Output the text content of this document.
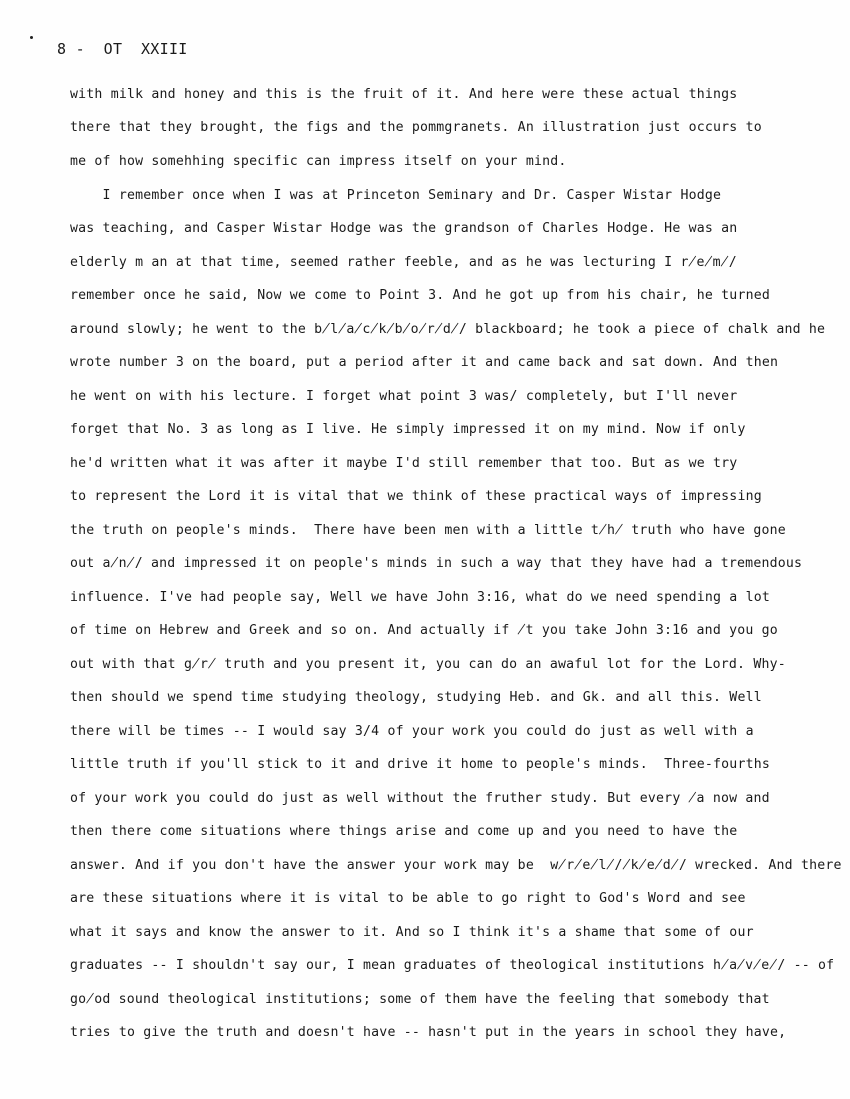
8 -  OT  XXIII
with milk and honey and this is the fruit of it. And here were these actual things
there that they brought, the figs and the pommgranets. An illustration just occurs to
me of how somehhing specific can impress itself on your mind.
I remember once when I was at Princeton Seminary and Dr. Casper Wistar Hodge
was teaching, and Casper Wistar Hodge was the grandson of Charles Hodge. He was an
elderly m an at that time, seemed rather feeble, and as he was lecturing I r̸e̸m̸/
remember once he said, Now we come to Point 3. And he got up from his chair, he turned
around slowly; he went to the b̸l̸a̸c̸k̸b̸o̸r̸d̸/ blackboard; he took a piece of chalk and he
wrote number 3 on the board, put a period after it and came back and sat down. And then
he went on with his lecture. I forget what point 3 was/ completely, but I'll never
forget that No. 3 as long as I live. He simply impressed it on my mind. Now if only
he'd written what it was after it maybe I'd still remember that too. But as we try
to represent the Lord it is vital that we think of these practical ways of impressing
the truth on people's minds.  There have been men with a little t̸h̸ truth who have gone
out a̸n̸/ and impressed it on people's minds in such a way that they have had a tremendous
influence. I've had people say, Well we have John 3:16, what do we need spending a lot
of time on Hebrew and Greek and so on. And actually if ̸t you take John 3:16 and you go
out with that g̸r̸ truth and you present it, you can do an awaful lot for the Lord. Why-
then should we spend time studying theology, studying Heb. and Gk. and all this. Well
there will be times -- I would say 3/4 of your work you could do just as well with a
little truth if you'll stick to it and drive it home to people's minds.  Three-fourths
of your work you could do just as well without the fruther study. But every ̸a now and
then there come situations where things arise and come up and you need to have the
answer. And if you don't have the answer your work may be  w̸r̸e̸l̸/̸k̸e̸d̸/ wrecked. And there
are these situations where it is vital to be able to go right to God's Word and see
what it says and know the answer to it. And so I think it's a shame that some of our
graduates -- I shouldn't say our, I mean graduates of theological institutions h̸a̸v̸e̸/ -- of
go̸od sound theological institutions; some of them have the feeling that somebody that
tries to give the truth and doesn't have -- hasn't put in the years in school they have,
